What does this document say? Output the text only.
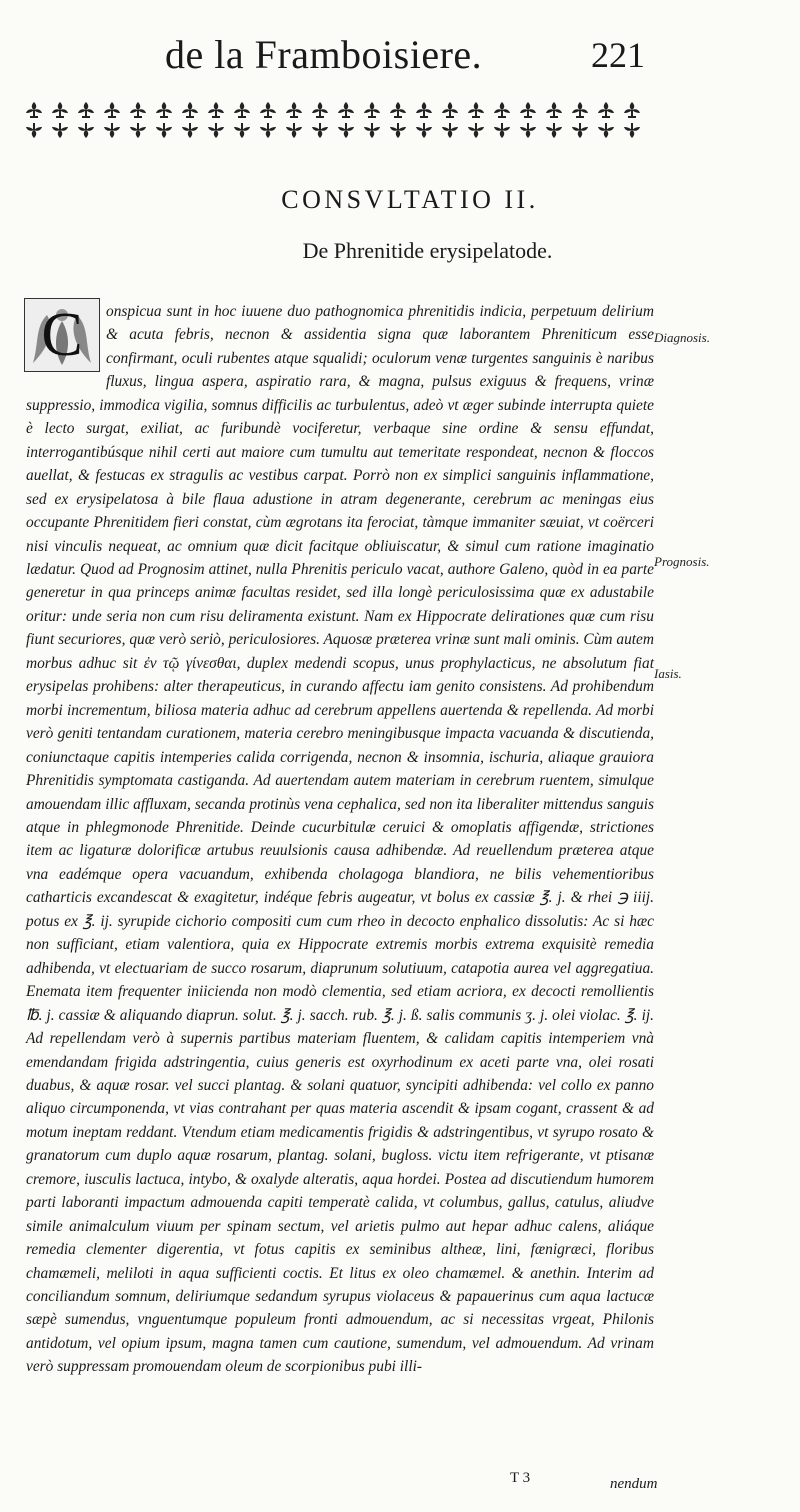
de la Framboisiere.	221
CONSVLTATIO II.
De Phrenitide erysipelatode.
C	onspicua sunt in hoc iuuene duo pathognomica phrenitidis indicia, perpetuum delirium & acuta febris, necnon & assidentia signa quæ laborantem Phreniticum esse confirmant, oculi rubentes atque squalidi; oculorum venæ turgentes sanguinis è naribus fluxus, lingua aspera, aspiratio rara, & magna, pulsus exiguus & frequens, vrinæ suppressio, immodica vigilia, somnus difficilis ac turbulentus, adeò vt æger subinde interrupta quiete è lecto surgat, exiliat, ac furibundè vociferetur, verbaque sine ordine & sensu effundat, interrogantibúsque nihil certi aut maiore cum tumultu aut temeritate respondeat, necnon & floccos auellat, & festucas ex stragulis ac vestibus carpat. Porrò non ex simplici sanguinis inflammatione, sed ex erysipelatosa à bile flaua adustione in atram degenerante, cerebrum ac meningas eius occupante Phrenitidem fieri constat, cùm ægrotans ita ferociat, tàmque immaniter sæuiat, vt coërceri nisi vinculis nequeat, ac omnium quæ dicit facitque obliuiscatur, & simul cum ratione imaginatio lædatur. Quod ad Prognosim attinet, nulla Phrenitis periculo vacat, authore Galeno, quòd in ea parte generetur in qua princeps animæ facultas residet, sed illa longè periculosissima quæ ex adustabile oritur: unde seria non cum risu deliramenta existunt. Nam ex Hippocrate delirationes quæ cum risu fiunt securiores, quæ verò seriò, periculosiores. Aquosæ præterea vrinæ sunt mali ominis. Cùm autem morbus adhuc sit ἐν τῷ γίνεσθαι, duplex medendi scopus, unus prophylacticus, ne absolutum fiat erysipelas prohibens: alter therapeuticus, in curando affectu iam genito consistens. Ad prohibendum morbi incrementum, biliosa materia adhuc ad cerebrum appellens auertenda & repellenda. Ad morbi verò geniti tentandam curationem, materia cerebro meningibusque impacta vacuanda & discutienda, coniunctaque capitis intemperies calida corrigenda, necnon & insomnia, ischuria, aliaque grauiora Phrenitidis symptomata castiganda. Ad auertendam autem materiam in cerebrum ruentem, simulque amouendam illic affluxam, secanda protinùs vena cephalica, sed non ita liberaliter mittendus sanguis atque in phlegmonode Phrenitide. Deinde cucurbitulæ ceruici & omoplatis affigendæ, strictiones item ac ligaturæ dolorificæ artubus reuulsionis causa adhibendæ. Ad reuellendum præterea atque vna eadémque opera vacuandum, exhibenda cholagoga blandiora, ne bilis vehementioribus catharticis excandescat & exagitetur, indéque febris augeatur, vt bolus ex cassiæ ℥. j. & rhei ℈ iiij. potus ex ℥. ij. syrupide cichorio compositi cum cum rheo in decocto enphalico dissolutis: Ac si hæc non sufficiant, etiam valentiora, quia ex Hippocrate extremis morbis extrema exquisitè remedia adhibenda, vt electuariam de succo rosarum, diaprunum solutiuum, catapotia aurea vel aggregatiua. Enemata item frequenter iniicienda non modò clementia, sed etiam acriora, ex decocti remollientis ℔. j. cassiæ & aliquando diaprun. solut. ℥. j. sacch. rub. ℥. j. ß. salis communis ʒ. j. olei violac. ℥. ij. Ad repellendam verò à supernis partibus materiam fluentem, & calidam capitis intemperiem vnà emendandam frigida adstringentia, cuius generis est oxyrhodinum ex aceti parte vna, olei rosati duabus, & aquæ rosar. vel succi plantag. & solani quatuor, syncipiti adhibenda: vel collo ex panno aliquo circumponenda, vt vias contrahant per quas materia ascendit & ipsam cogant, crassent & ad motum ineptam reddant. Vtendum etiam medicamentis frigidis & adstringentibus, vt syrupo rosato & granatorum cum duplo aquæ rosarum, plantag. solani, bugloss. victu item refrigerante, vt ptisanæ cremore, iusculis lactuca, intybo, & oxalyde alteratis, aqua hordei. Postea ad discutiendum humorem parti laboranti impactum admouenda capiti temperatè calida, vt columbus, gallus, catulus, aliudve simile animalculum viuum per spinam sectum, vel arietis pulmo aut hepar adhuc calens, aliáque remedia clementer digerentia, vt fotus capitis ex seminibus altheæ, lini, fænigræci, floribus chamæmeli, meliloti in aqua sufficienti coctis. Et litus ex oleo chamæmel. & anethin. Interim ad conciliandum somnum, deliriumque sedandum syrupus violaceus & papauerinus cum aqua lactucæ sæpè sumendus, vnguentumque populeum fronti admouendum, ac si necessitas vrgeat, Philonis antidotum, vel opium ipsum, magna tamen cum cautione, sumendum, vel admouendum. Ad vrinam verò suppressam promouendam oleum de scorpionibus pubi illi-

Diagnosis.
Prognosis.
Iasis.
T 3	nendum
